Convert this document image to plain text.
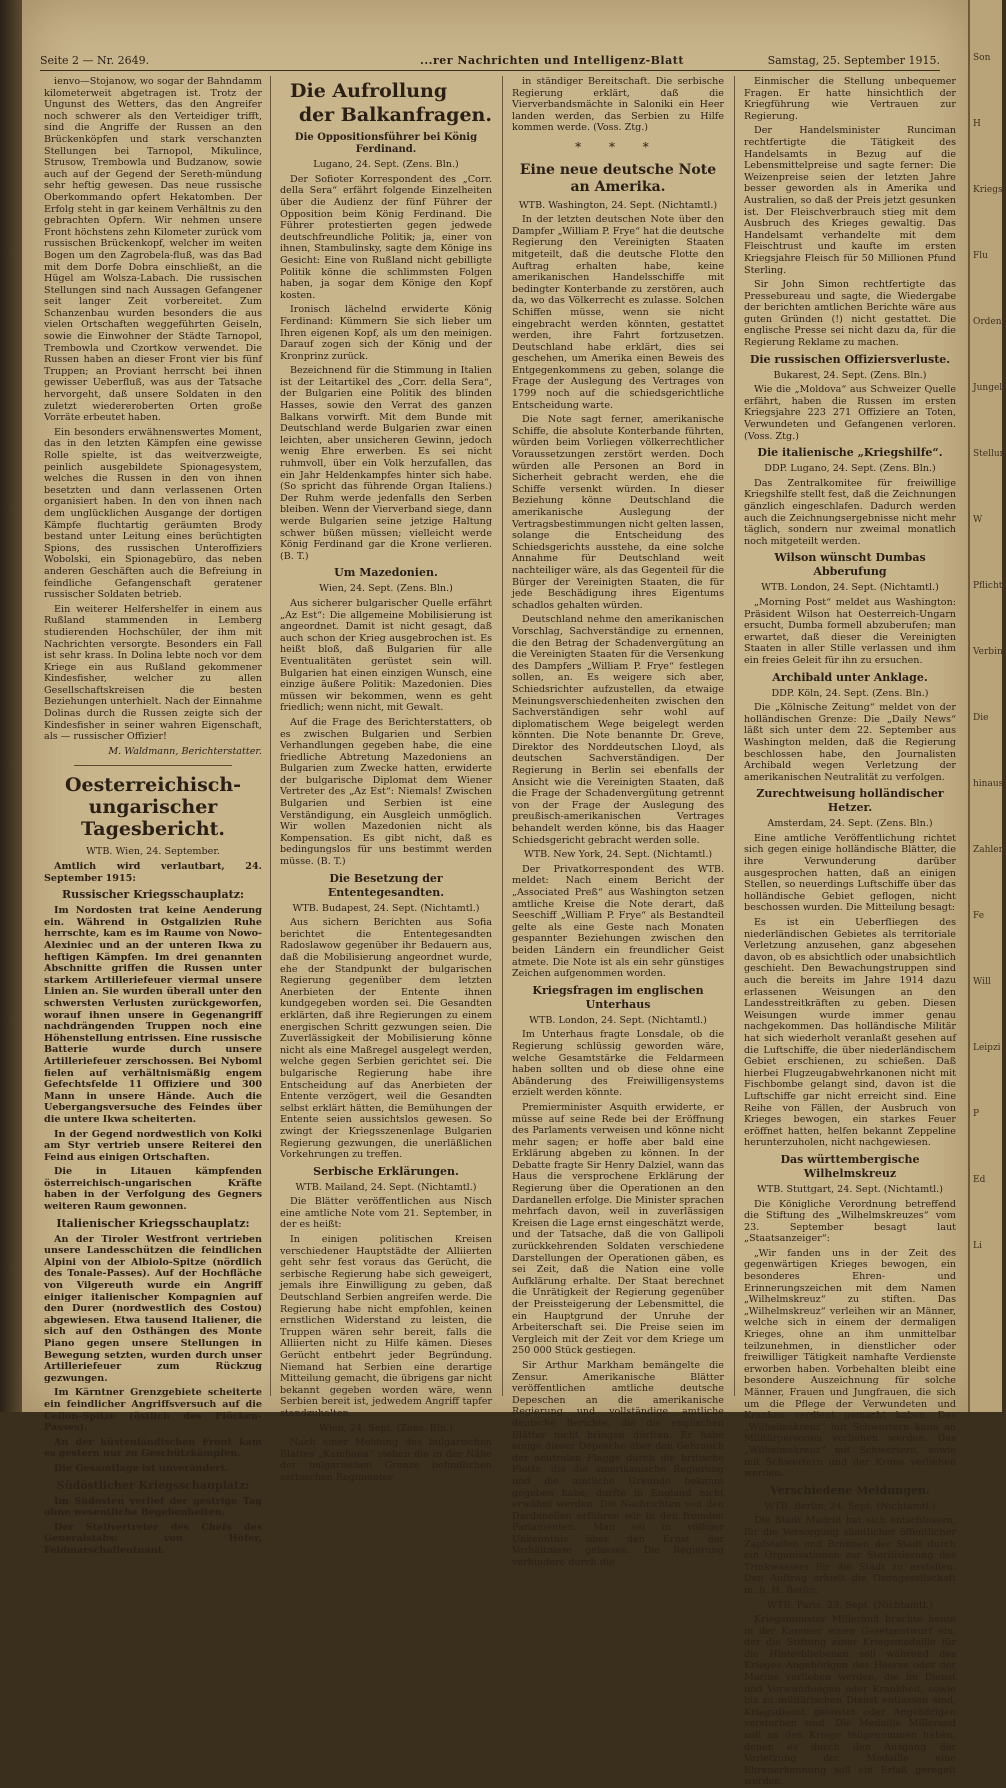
Son
H
Kriegs
Flu
Orden
Jungel
Stellun
W
Pflicht
Verbint
Die
hinaus
Zahlen
Fe
Will
Leipzi
P
Ed
Li
Seite 2 — Nr. 2649.	...rer Nachrichten und Intelligenz-Blatt	Samstag, 25. September 1915.

ienvo—Stojanow, wo sogar der Bahndamm kilometerweit abgetragen ist. Trotz der Ungunst des Wetters, das den Angreifer noch schwerer als den Verteidiger trifft, sind die Angriffe der Russen an den Brückenköpfen und stark verschanzten Stellungen bei Tarnopol, Mikulince, Strusow, Trembowla und Budzanow, sowie auch auf der Gegend der Sereth-mündung sehr heftig gewesen. Das neue russische Oberkommando opfert Hekatomben. Der Erfolg steht in gar keinem Verhältnis zu den gebrachten Opfern. Wir nehmen unsere Front höchstens zehn Kilometer zurück vom russischen Brückenkopf, welcher im weiten Bogen um den Zagrobela-fluß, was das Bad mit dem Dorfe Dobra einschließt, an die Hügel am Wolsza-Labach. Die russischen Stellungen sind nach Aussagen Gefangener seit langer Zeit vorbereitet. Zum Schanzenbau wurden besonders die aus vielen Ortschaften weggeführten Geiseln, sowie die Einwohner der Städte Tarnopol, Trembowla und Czortkow verwendet. Die Russen haben an dieser Front vier bis fünf Truppen; an Proviant herrscht bei ihnen gewisser Ueberfluß, was aus der Tatsache hervorgeht, daß unsere Soldaten in den zuletzt wiedereroberten Orten große Vorräte erbeutet haben.

Ein besonders erwähnenswertes Moment, das in den letzten Kämpfen eine gewisse Rolle spielte, ist das weitverzweigte, peinlich ausgebildete Spionagesystem, welches die Russen in den von ihnen besetzten und dann verlassenen Orten organisiert haben. In den von ihnen nach dem unglücklichen Ausgange der dortigen Kämpfe fluchtartig geräumten Brody bestand unter Leitung eines berüchtigten Spions, des russischen Unteroffiziers Wobolski, ein Spionagebüro, das neben anderen Geschäften auch die Befreiung in feindliche Gefangenschaft geratener russischer Soldaten betrieb.

Ein weiterer Helfershelfer in einem aus Rußland stammenden in Lemberg studierenden Hochschüler, der ihm mit Nachrichten versorgte. Besonders ein Fall ist sehr krass. In Dolina lebte noch vor dem Kriege ein aus Rußland gekommener Kindesfisher, welcher zu allen Gesellschaftskreisen die besten Beziehungen unterhielt. Nach der Einnahme Dolinas durch die Russen zeigte sich der Kindesfisher in seiner wahren Eigenschaft, als — russischer Offizier!

M. Waldmann, Berichterstatter.
Oesterreichisch-ungarischer Tagesbericht.
WTB. Wien, 24. September.

Amtlich wird verlautbart, 24. September 1915:

Russischer Kriegsschauplatz:

Im Nordosten trat keine Aenderung ein. Während in Ostgalizien Ruhe herrschte, kam es im Raume von Nowo-Alexiniec und an der unteren Ikwa zu heftigen Kämpfen. Im drei genannten Abschnitte griffen die Russen unter starkem Artilleriefeuer viermal unsere Linien an. Sie wurden überall unter den schwersten Verlusten zurückgeworfen, worauf ihnen unsere in Gegenangriff nachdrängenden Truppen noch eine Höhenstellung entrissen. Eine russische Batterie wurde durch unsere Artilleriefeuer zerschossen. Bei Nyboml fielen auf verhältnismäßig engem Gefechtsfelde 11 Offiziere und 300 Mann in unsere Hände. Auch die Uebergangsversuche des Feindes über die untere Ikwa scheiterten.

In der Gegend nordwestlich von Kolki am Styr vertrieb unsere Reiterei den Feind aus einigen Ortschaften.

Die in Litauen kämpfenden österreichisch-ungarischen Kräfte haben in der Verfolgung des Gegners weiteren Raum gewonnen.

Italienischer Kriegsschauplatz:

An der Tiroler Westfront vertrieben unsere Landesschützen die feindlichen Alpini von der Albiolo-Spitze (nördlich des Tonale-Passes). Auf der Hochfläche von Vilgereuth wurde ein Angriff einiger italienischer Kompagnien auf den Durer (nordwestlich des Costou) abgewiesen. Etwa tausend Italiener, die sich auf den Osthängen des Monte Piano gegen unsere Stellungen in Bewegung setzten, wurden durch unser Artilleriefeuer zum Rückzug gezwungen.

Im Kärntner Grenzgebiete scheiterte ein feindlicher Angriffsversuch auf die Cellon-Spitze (östlich des Plöcken-Passes).

An der küstenländischen Front kam es gestern nur zu Geschützkämpfen.

Die Gesamtlage ist unverändert.

Südöstlicher Kriegsschauplatz:

Im Südosten verlief der gestrige Tag ohne wesentliche Begebenheiten.

Der Stellvertreter des Chefs des Generalstabs: von Höfer, Feldmarschalleutnant.

Die Aufrollung
der Balkanfragen.
Die Oppositionsführer bei König Ferdinand.
Lugano, 24. Sept. (Zens. Bln.)

Der Sofioter Korrespondent des „Corr. della Sera“ erfährt folgende Einzelheiten über die Audienz der fünf Führer der Opposition beim König Ferdinand. Die Führer protestierten gegen jedwede deutschfreundliche Politik; ja, einer von ihnen, Stambulinsky, sagte dem Könige ins Gesicht: Eine von Rußland nicht gebilligte Politik könne die schlimmsten Folgen haben, ja sogar dem Könige den Kopf kosten.

Ironisch lächelnd erwiderte König Ferdinand: Kümmern Sie sich lieber um Ihren eigenen Kopf, als um den meinigen. Darauf zogen sich der König und der Kronprinz zurück.

Bezeichnend für die Stimmung in Italien ist der Leitartikel des „Corr. della Sera“, der Bulgarien eine Politik des blinden Hasses, sowie den Verrat des ganzen Balkans vorwirft. Mit dem Bunde mit Deutschland werde Bulgarien zwar einen leichten, aber unsicheren Gewinn, jedoch wenig Ehre erwerben. Es sei nicht ruhmvoll, über ein Volk herzufallen, das ein Jahr Heldenkampfes hinter sich habe. (So spricht das führende Organ Italiens.) Der Ruhm werde jedenfalls den Serben bleiben. Wenn der Vierverband siege, dann werde Bulgarien seine jetzige Haltung schwer büßen müssen; vielleicht werde König Ferdinand gar die Krone verlieren. (B. T.)

Um Mazedonien.
Wien, 24. Sept. (Zens. Bln.)

Aus sicherer bulgarischer Quelle erfährt „Az Est“: Die allgemeine Mobilisierung ist angeordnet. Damit ist nicht gesagt, daß auch schon der Krieg ausgebrochen ist. Es heißt bloß, daß Bulgarien für alle Eventualitäten gerüstet sein will. Bulgarien hat einen einzigen Wunsch, eine einzige äußere Politik: Mazedonien. Dies müssen wir bekommen, wenn es geht friedlich; wenn nicht, mit Gewalt.

Auf die Frage des Berichterstatters, ob es zwischen Bulgarien und Serbien Verhandlungen gegeben habe, die eine friedliche Abtretung Mazedoniens an Bulgarien zum Zwecke hatten, erwiderte der bulgarische Diplomat dem Wiener Vertreter des „Az Est“: Niemals! Zwischen Bulgarien und Serbien ist eine Verständigung, ein Ausgleich unmöglich. Wir wollen Mazedonien nicht als Kompensation. Es gibt nicht, daß es bedingungslos für uns bestimmt werden müsse. (B. T.)

Die Besetzung der Ententegesandten.
WTB. Budapest, 24. Sept. (Nichtamtl.)

Aus sichern Berichten aus Sofia berichtet die Ententegesandten Radoslawow gegenüber ihr Bedauern aus, daß die Mobilisierung angeordnet wurde, ehe der Standpunkt der bulgarischen Regierung gegenüber dem letzten Anerbieten der Entente ihnen kundgegeben worden sei. Die Gesandten erklärten, daß ihre Regierungen zu einem energischen Schritt gezwungen seien. Die Zuverlässigkeit der Mobilisierung könne nicht als eine Maßregel ausgelegt werden, welche gegen Serbien gerichtet sei. Die bulgarische Regierung habe ihre Entscheidung auf das Anerbieten der Entente verzögert, weil die Gesandten selbst erklärt hätten, die Bemühungen der Entente seien aussichtslos gewesen. So zwingt der Kriegsszenenlage Bulgarien Regierung gezwungen, die unerläßlichen Vorkehrungen zu treffen.

Serbische Erklärungen.
WTB. Mailand, 24. Sept. (Nichtamtl.)

Die Blätter veröffentlichen aus Nisch eine amtliche Note vom 21. September, in der es heißt:

In einigen politischen Kreisen verschiedener Hauptstädte der Alliierten geht sehr fest voraus das Gerücht, die serbische Regierung habe sich geweigert, jemals ihre Einwilligung zu geben, daß Deutschland Serbien angreifen werde. Die Regierung habe nicht empfohlen, keinen ernstlichen Widerstand zu leisten, die Truppen wären sehr bereit, falls die Alliierten nicht zu Hilfe kämen. Dieses Gerücht entbehrt jeder Begründung. Niemand hat Serbien eine derartige Mitteilung gemacht, die übrigens gar nicht bekannt gegeben worden wäre, wenn Serbien bereit ist, jedwedem Angriff tapfer standzuhalten.

Wien, 24. Sept. (Zens. Bln.)

Nach einer Meldung des bulgarischen Blattes „Kambana“ stehen die in der Nähe der bulgarischen Grenze befindlichen serbischen Regimenter

in ständiger Bereitschaft. Die serbische Regierung erklärt, daß die Vierverbandsmächte in Saloniki ein Heer landen werden, das Serbien zu Hilfe kommen werde. (Voss. Ztg.)

* * *
Eine neue deutsche Note an Amerika.
WTB. Washington, 24. Sept. (Nichtamtl.)

In der letzten deutschen Note über den Dampfer „William P. Frye“ hat die deutsche Regierung den Vereinigten Staaten mitgeteilt, daß die deutsche Flotte den Auftrag erhalten habe, keine amerikanischen Handelsschiffe mit bedingter Konterbande zu zerstören, auch da, wo das Völkerrecht es zulasse. Solchen Schiffen müsse, wenn sie nicht eingebracht werden könnten, gestattet werden, ihre Fahrt fortzusetzen. Deutschland habe erklärt, dies sei geschehen, um Amerika einen Beweis des Entgegenkommens zu geben, solange die Frage der Auslegung des Vertrages von 1799 noch auf die schiedsgerichtliche Entscheidung warte.

Die Note sagt ferner, amerikanische Schiffe, die absolute Konterbande führten, würden beim Vorliegen völkerrechtlicher Voraussetzungen zerstört werden. Doch würden alle Personen an Bord in Sicherheit gebracht werden, ehe die Schiffe versenkt würden. In dieser Beziehung könne Deutschland die amerikanische Auslegung der Vertragsbestimmungen nicht gelten lassen, solange die Entscheidung des Schiedsgerichts ausstehe, da eine solche Annahme für Deutschland weit nachteiliger wäre, als das Gegenteil für die Bürger der Vereinigten Staaten, die für jede Beschädigung ihres Eigentums schadlos gehalten würden.

Deutschland nehme den amerikanischen Vorschlag, Sachverständige zu ernennen, die den Betrag der Schadenvergütung an die Vereinigten Staaten für die Versenkung des Dampfers „William P. Frye“ festlegen sollen, an. Es weigere sich aber, Schiedsrichter aufzustellen, da etwaige Meinungsverschiedenheiten zwischen den Sachverständigen sehr wohl auf diplomatischem Wege beigelegt werden könnten. Die Note benannte Dr. Greve, Direktor des Norddeutschen Lloyd, als deutschen Sachverständigen. Der Regierung in Berlin sei ebenfalls der Ansicht wie die Vereinigten Staaten, daß die Frage der Schadenvergütung getrennt von der Frage der Auslegung des preußisch-amerikanischen Vertrages behandelt werden könne, bis das Haager Schiedsgericht gebracht werden solle.

WTB. New York, 24. Sept. (Nichtamtl.)

Der Privatkorrespondent des WTB. meldet: Nach einem Bericht der „Associated Preß“ aus Washington setzen amtliche Kreise die Note derart, daß Seeschiff „William P. Frye“ als Bestandteil gelte als eine Geste nach Monaten gespannter Beziehungen zwischen den beiden Ländern ein freundlicher Geist atmete. Die Note ist als ein sehr günstiges Zeichen aufgenommen worden.

Kriegsfragen im englischen Unterhaus
WTB. London, 24. Sept. (Nichtamtl.)

Im Unterhaus fragte Lonsdale, ob die Regierung schlüssig geworden wäre, welche Gesamtstärke die Feldarmeen haben sollten und ob diese ohne eine Abänderung des Freiwilligensystems erzielt werden könnte.

Premierminister Asquith erwiderte, er müsse auf seine Rede bei der Eröffnung des Parlaments verweisen und könne nicht mehr sagen; er hoffe aber bald eine Erklärung abgeben zu können. In der Debatte fragte Sir Henry Dalziel, wann das Haus die versprochene Erklärung der Regierung über die Operationen an den Dardanellen erfolge. Die Minister sprachen mehrfach davon, weil in zuverlässigen Kreisen die Lage ernst eingeschätzt werde, und der Tatsache, daß die von Gallipoli zurückkehrenden Soldaten verschiedene Darstellungen der Operationen gäben, es sei Zeit, daß die Nation eine volle Aufklärung erhalte. Der Staat berechnet die Unrätigkeit der Regierung gegenüber der Preissteigerung der Lebensmittel, die ein Hauptgrund der Unruhe der Arbeiterschaft sei. Die Preise seien im Vergleich mit der Zeit vor dem Kriege um 250 000 Stück gestiegen.

Sir Arthur Markham bemängelte die Zensur. Amerikanische Blätter veröffentlichen amtliche deutsche Depeschen an die amerikanische Regierung und vollständige amtliche deutsche Berichte, die die englischen Blätter nicht bringen dürften. Er habe einige dieser Depesche über den Gebrauch der neutralen Flagge durch die britische Flotte, die die amerikanische Regierung und die amtliche Urkunde bekannt gegeben habe, durfte in England nicht erwähnt werden. Die Nachrichten von den Dardanellen erführen wir in den fremden Parlamenten. Man sei in völliger Unkenntnis über den Ernst der Verhältnisse gelassen. Die Regierung verhindere durch die

Einmischer die Stellung unbequemer Fragen. Er hatte hinsichtlich der Kriegführung wie Vertrauen zur Regierung.

Der Handelsminister Runciman rechtfertigte die Tätigkeit des Handelsamts in Bezug auf die Lebensmittelpreise und sagte ferner: Die Weizenpreise seien der letzten Jahre besser geworden als in Amerika und Australien, so daß der Preis jetzt gesunken ist. Der Fleischverbrauch stieg mit dem Ausbruch des Krieges gewaltig. Das Handelsamt verhandelte mit dem Fleischtrust und kaufte im ersten Kriegsjahre Fleisch für 50 Millionen Pfund Sterling.

Sir John Simon rechtfertigte das Pressebureau und sagte, die Wiedergabe der berichten amtlichen Berichte wäre aus guten Gründen (!) nicht gestattet. Die englische Presse sei nicht dazu da, für die Regierung Reklame zu machen.

Die russischen Offiziersverluste.
Bukarest, 24. Sept. (Zens. Bln.)

Wie die „Moldova“ aus Schweizer Quelle erfährt, haben die Russen im ersten Kriegsjahre 223 271 Offiziere an Toten, Verwundeten und Gefangenen verloren. (Voss. Ztg.)

Die italienische „Kriegshilfe“.
DDP. Lugano, 24. Sept. (Zens. Bln.)

Das Zentralkomitee für freiwillige Kriegshilfe stellt fest, daß die Zeichnungen gänzlich eingeschlafen. Dadurch werden auch die Zeichnungsergebnisse nicht mehr täglich, sondern nur zweimal monatlich noch mitgeteilt werden.

Wilson wünscht Dumbas Abberufung
WTB. London, 24. Sept. (Nichtamtl.)

„Morning Post“ meldet aus Washington: Präsident Wilson hat Oesterreich-Ungarn ersucht, Dumba formell abzuberufen; man erwartet, daß dieser die Vereinigten Staaten in aller Stille verlassen und ihm ein freies Geleit für ihn zu ersuchen.

Archibald unter Anklage.
DDP. Köln, 24. Sept. (Zens. Bln.)

Die „Kölnische Zeitung“ meldet von der holländischen Grenze: Die „Daily News“ läßt sich unter dem 22. September aus Washington melden, daß die Regierung beschlossen habe, den Journalisten Archibald wegen Verletzung der amerikanischen Neutralität zu verfolgen.

Zurechtweisung holländischer Hetzer.
Amsterdam, 24. Sept. (Zens. Bln.)

Eine amtliche Veröffentlichung richtet sich gegen einige holländische Blätter, die ihre Verwunderung darüber ausgesprochen hatten, daß an einigen Stellen, so neuerdings Luftschiffe über das holländische Gebiet geflogen, nicht beschossen wurden. Die Mitteilung besagt:

Es ist ein Ueberfliegen des niederländischen Gebietes als territoriale Verletzung anzusehen, ganz abgesehen davon, ob es absichtlich oder unabsichtlich geschieht. Den Bewachungstruppen sind auch die bereits im Jahre 1914 dazu erlassenen Weisungen an den Landesstreitkräften zu geben. Diesen Weisungen wurde immer genau nachgekommen. Das holländische Militär hat sich wiederholt veranlaßt gesehen auf die Luftschiffe, die über niederländischem Gebiet erschienen, zu schießen. Daß hierbei Flugzeugabwehrkanonen nicht mit Fischbombe gelangt sind, davon ist die Luftschiffe gar nicht erreicht sind. Eine Reihe von Fällen, der Ausbruch von Krieges bewogen, ein starkes Feuer eröffnet hatten, helfen bekannt Zeppeline herunterzuholen, nicht nachgewiesen.

Das württembergische Wilhelmskreuz
WTB. Stuttgart, 24. Sept. (Nichtamtl.)

Die Königliche Verordnung betreffend die Stiftung des „Wilhelmskreuzes“ vom 23. September besagt laut „Staatsanzeiger“:

„Wir fanden uns in der Zeit des gegenwärtigen Krieges bewogen, ein besonderes Ehren- und Erinnerungszeichen mit dem Namen „Wilhelmskreuz“ zu stiften. Das „Wilhelmskreuz“ verleihen wir an Männer, welche sich in einem der dermaligen Krieges, ohne an ihm unmittelbar teilzunehmen, in dienstlicher oder freiwilliger Tätigkeit namhafte Verdienste erworben haben. Vorbehalten bleibt eine besondere Auszeichnung für solche Männer, Frauen und Jungfrauen, die sich um die Pflege der Verwundeten und Kranken verdient gemacht haben. Das „Wilhelmskreuz“ mit Schwertern kann an Militärpersonen verliehen werden. Das „Wilhelmskreuz“ mit Schwertern, sowie mit Schwertern und der Krone verliehen werden.

Verschiedene Meldungen.
WTB. Berlin, 24. Sept. (Nichtamtl.)

Die Stadt Madrid hat sich entschlossen, für die Versorgung sämtlicher öffentlicher Zapfstellen und Brunnen der Stadt durch ein Organisationen zur Sterilisierung des Trinkwassers für die Stadt zu erstellen. Den Auftrag erhielt die Ozongesellschaft m. b. H. Berlin.

WTB. Paris, 23. Sept. (Nichtamtl.)

Kriegsminister Millerand brachte heute in der Kammer einen Gesetzentwurf ein, der die Stiftung einer Kriegsmedaille für die Hinterbliebenen soll während des Krieges Angehörigen des Heeres oder der Marine verliehen werden, die im Dienst und Verwundungen oder Krankheit, sowie bis zu militärischen Dienst entlassen sind, Kriegsdienst geleistet oder Angehörigen verstorben sind. Die Medaille Millerand soll an den Kriege teilgenommen haben, denen es durch den Ausgang der Verletzung der Medaille eine Ehrenerkennung soll ein Erlaß geregelt werden.
